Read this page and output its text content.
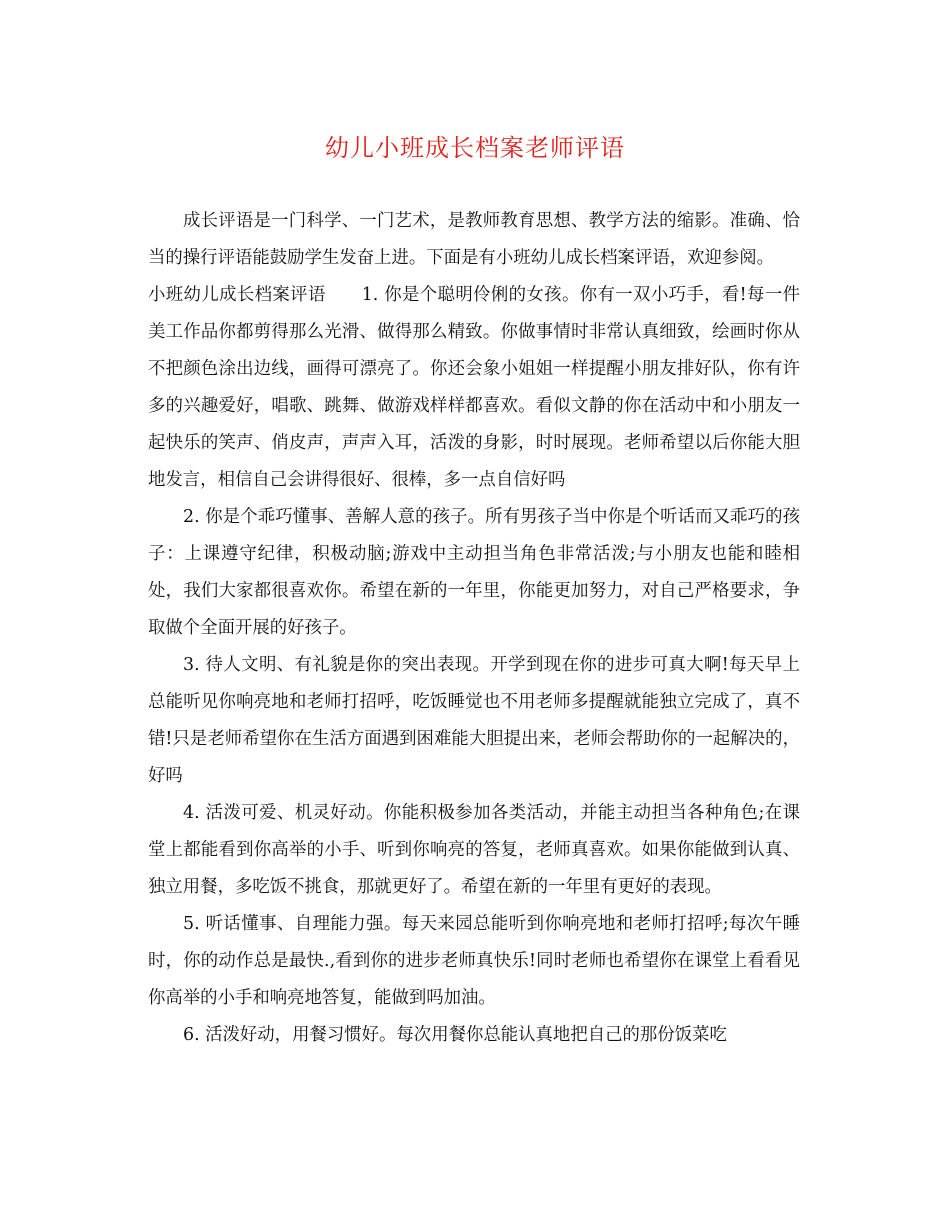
幼儿小班成长档案老师评语

成长评语是一门科学、一门艺术，是教师教育思想、教学方法的缩影。准确、恰当的操行评语能鼓励学生发奋上进。下面是有小班幼儿成长档案评语，欢迎参阅。

小班幼儿成长档案评语 1. 你是个聪明伶俐的女孩。你有一双小巧手，看!每一件美工作品你都剪得那么光滑、做得那么精致。你做事情时非常认真细致，绘画时你从不把颜色涂出边线，画得可漂亮了。你还会象小姐姐一样提醒小朋友排好队，你有许多的兴趣爱好，唱歌、跳舞、做游戏样样都喜欢。看似文静的你在活动中和小朋友一起快乐的笑声、俏皮声，声声入耳，活泼的身影，时时展现。老师希望以后你能大胆地发言，相信自己会讲得很好、很棒，多一点自信好吗

2. 你是个乖巧懂事、善解人意的孩子。所有男孩子当中你是个听话而又乖巧的孩子：上课遵守纪律，积极动脑;游戏中主动担当角色非常活泼;与小朋友也能和睦相处，我们大家都很喜欢你。希望在新的一年里，你能更加努力，对自己严格要求，争取做个全面开展的好孩子。

3. 待人文明、有礼貌是你的突出表现。开学到现在你的进步可真大啊!每天早上总能听见你响亮地和老师打招呼，吃饭睡觉也不用老师多提醒就能独立完成了，真不错!只是老师希望你在生活方面遇到困难能大胆提出来，老师会帮助你的一起解决的，好吗

4. 活泼可爱、机灵好动。你能积极参加各类活动，并能主动担当各种角色;在课堂上都能看到你高举的小手、听到你响亮的答复，老师真喜欢。如果你能做到认真、独立用餐，多吃饭不挑食，那就更好了。希望在新的一年里有更好的表现。

5. 听话懂事、自理能力强。每天来园总能听到你响亮地和老师打招呼;每次午睡时，你的动作总是最快.,看到你的进步老师真快乐!同时老师也希望你在课堂上看看见你高举的小手和响亮地答复，能做到吗加油。

6. 活泼好动，用餐习惯好。每次用餐你总能认真地把自己的那份饭菜吃
